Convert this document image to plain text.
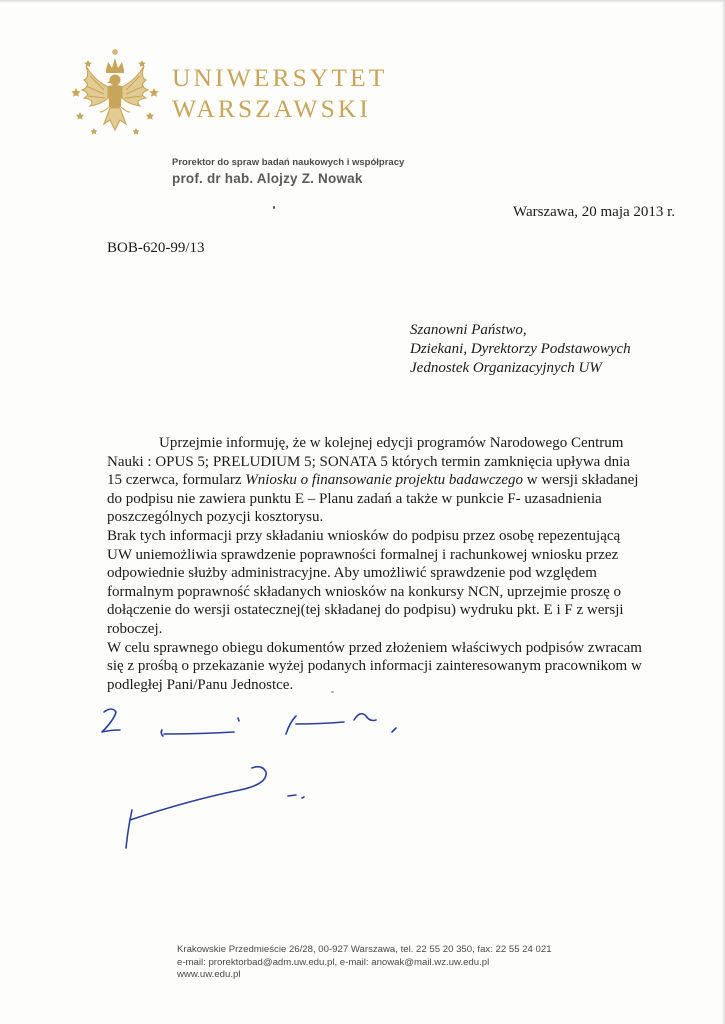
UNIWERSYTET
WARSZAWSKI
Prorektor do spraw badań naukowych i współpracy
prof. dr hab. Alojzy Z. Nowak
Warszawa, 20 maja 2013 r.
BOB-620-99/13
Szanowni Państwo,
Dziekani, Dyrektorzy Podstawowych
Jednostek Organizacyjnych UW
Uprzejmie informuję, że w kolejnej edycji programów Narodowego Centrum
Nauki : OPUS 5; PRELUDIUM 5; SONATA 5 których termin zamknięcia upływa dnia
15 czerwca, formularz Wniosku o finansowanie projektu badawczego w wersji składanej
do podpisu nie zawiera punktu E – Planu zadań a także w punkcie F- uzasadnienia
poszczególnych pozycji kosztorysu.
Brak tych informacji przy składaniu wniosków do podpisu przez osobę repezentującą
UW uniemożliwia sprawdzenie poprawności formalnej i rachunkowej wniosku przez
odpowiednie służby administracyjne. Aby umożliwić sprawdzenie pod względem
formalnym poprawność składanych wniosków na konkursy NCN, uprzejmie proszę o
dołączenie do wersji ostatecznej(tej składanej do podpisu) wydruku pkt. E i F z wersji
roboczej.
W celu sprawnego obiegu dokumentów przed złożeniem właściwych podpisów zwracam
się z prośbą o przekazanie wyżej podanych informacji zainteresowanym pracownikom w
podległej Pani/Panu Jednostce.
Krakowskie Przedmieście 26/28, 00-927 Warszawa, tel. 22 55 20 350, fax: 22 55 24 021
e-mail: prorektorbad@adm.uw.edu.pl, e-mail: anowak@mail.wz.uw.edu.pl
www.uw.edu.pl
